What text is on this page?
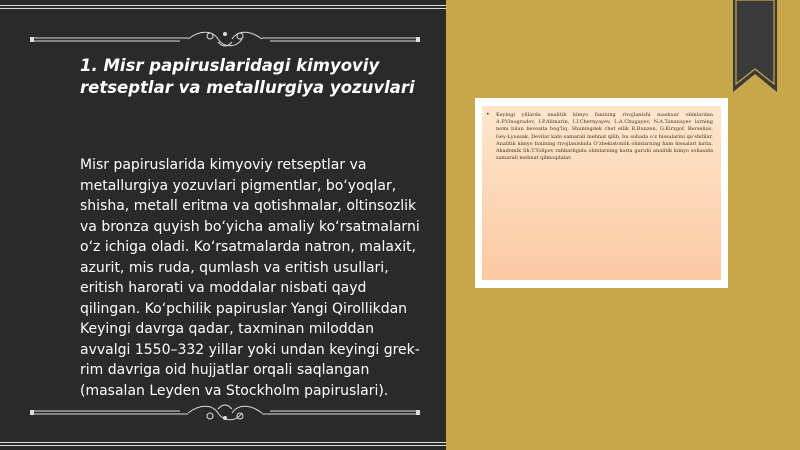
1. Misr papiruslaridagi kimyoviy retseptlar va metallurgiya yozuvlari

Misr papiruslarida kimyoviy retseptlar va metallurgiya yozuvlari pigmentlar, bo‘yoqlar, shisha, metall eritma va qotishmalar, oltinsozlik va bronza quyish bo‘yicha amaliy ko‘rsatmalarni o‘z ichiga oladi. Ko‘rsatmalarda natron, malaxit, azurit, mis ruda, qumlash va eritish usullari, eritish harorati va moddalar nisbati qayd qilingan. Ko‘pchilik papiruslar Yangi Qirollikdan Keyingi davrga qadar, taxminan miloddan avvalgi 1550–332 yillar yoki undan keyingi grek-rim davriga oid hujjatlar orqali saqlangan (masalan Leyden va Stockholm papiruslari).

• Keyingi yillarda analitik kimyo fanining rivojlanishi mashxur olimlardan A.P.Vinogradov, I.P.Alimarin, I.I.Chernyayev, L.A.Chugayev, N.A.Tananayev larning nomi bilan bevosita bog‘liq. Shuningdek chet ellik R.Bunzen, G.Kirxgof, Berselius, Gey-Lyussak, Devilar kabi samarali mehnat qilib, bu sohada o‘z hissalarini qo‘shdilar. Analitik kimyo fanining rivojlanishida O‘zbekistonlik olimlarning ham hissalari katta. Akademik Sh.T.Tolipov rahbarligida olimlarning katta guruhi analitik kimyo sohasida samarali mehnat qilmoqdalar.
